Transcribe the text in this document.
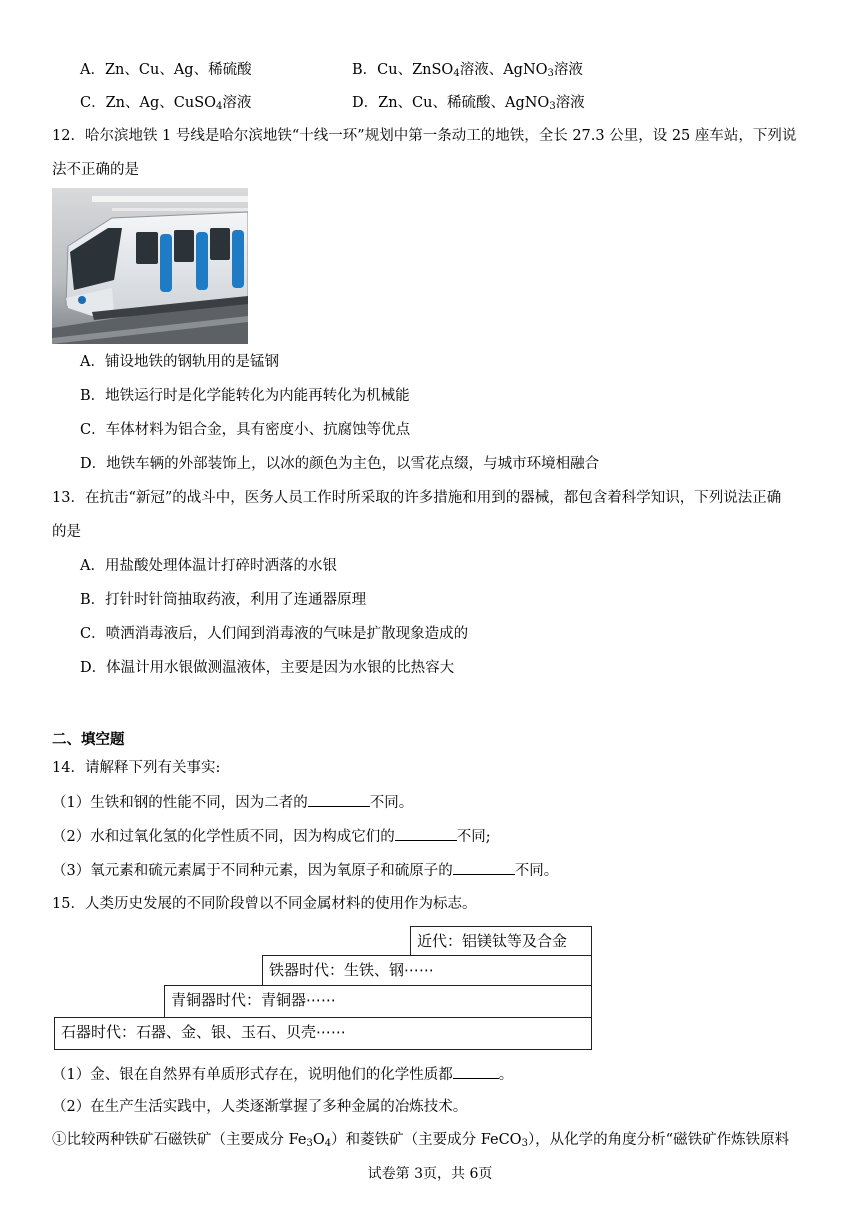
A．Zn、Cu、Ag、稀硫酸	B．Cu、ZnSO$_4$溶液、AgNO$_3$溶液
C．Zn、Ag、CuSO$_4$溶液	D．Zn、Cu、稀硫酸、AgNO$_3$溶液
12．哈尔滨地铁 1 号线是哈尔滨地铁“十线一环”规划中第一条动工的地铁，全长 27.3 公里，设 25 座车站，下列说
法不正确的是
A．铺设地铁的钢轨用的是锰钢
B．地铁运行时是化学能转化为内能再转化为机械能
C．车体材料为铝合金，具有密度小、抗腐蚀等优点
D．地铁车辆的外部装饰上，以冰的颜色为主色，以雪花点缀，与城市环境相融合
13．在抗击“新冠”的战斗中，医务人员工作时所采取的许多措施和用到的器械，都包含着科学知识，下列说法正确
的是
A．用盐酸处理体温计打碎时洒落的水银
B．打针时针筒抽取药液，利用了连通器原理
C．喷洒消毒液后，人们闻到消毒液的气味是扩散现象造成的
D．体温计用水银做测温液体，主要是因为水银的比热容大
二、填空题
14．请解释下列有关事实:
（1）生铁和钢的性能不同，因为二者的	不同。
（2）水和过氧化氢的化学性质不同，因为构成它们的	不同;
（3）氧元素和硫元素属于不同种元素，因为氧原子和硫原子的	不同。
15．人类历史发展的不同阶段曾以不同金属材料的使用作为标志。
近代：铝镁钛等及合金
铁器时代：生铁、钢⋯⋯
青铜器时代：青铜器⋯⋯
石器时代：石器、金、银、玉石、贝壳⋯⋯
（1）金、银在自然界有单质形式存在，说明他们的化学性质都	。
（2）在生产生活实践中，人类逐渐掌握了多种金属的冶炼技术。
①比较两种铁矿石磁铁矿（主要成分 $Fe_3O_4$）和菱铁矿（主要成分 FeCO$_3$），从化学的角度分析“磁铁矿作炼铁原料
试卷第 3页，共 6页
